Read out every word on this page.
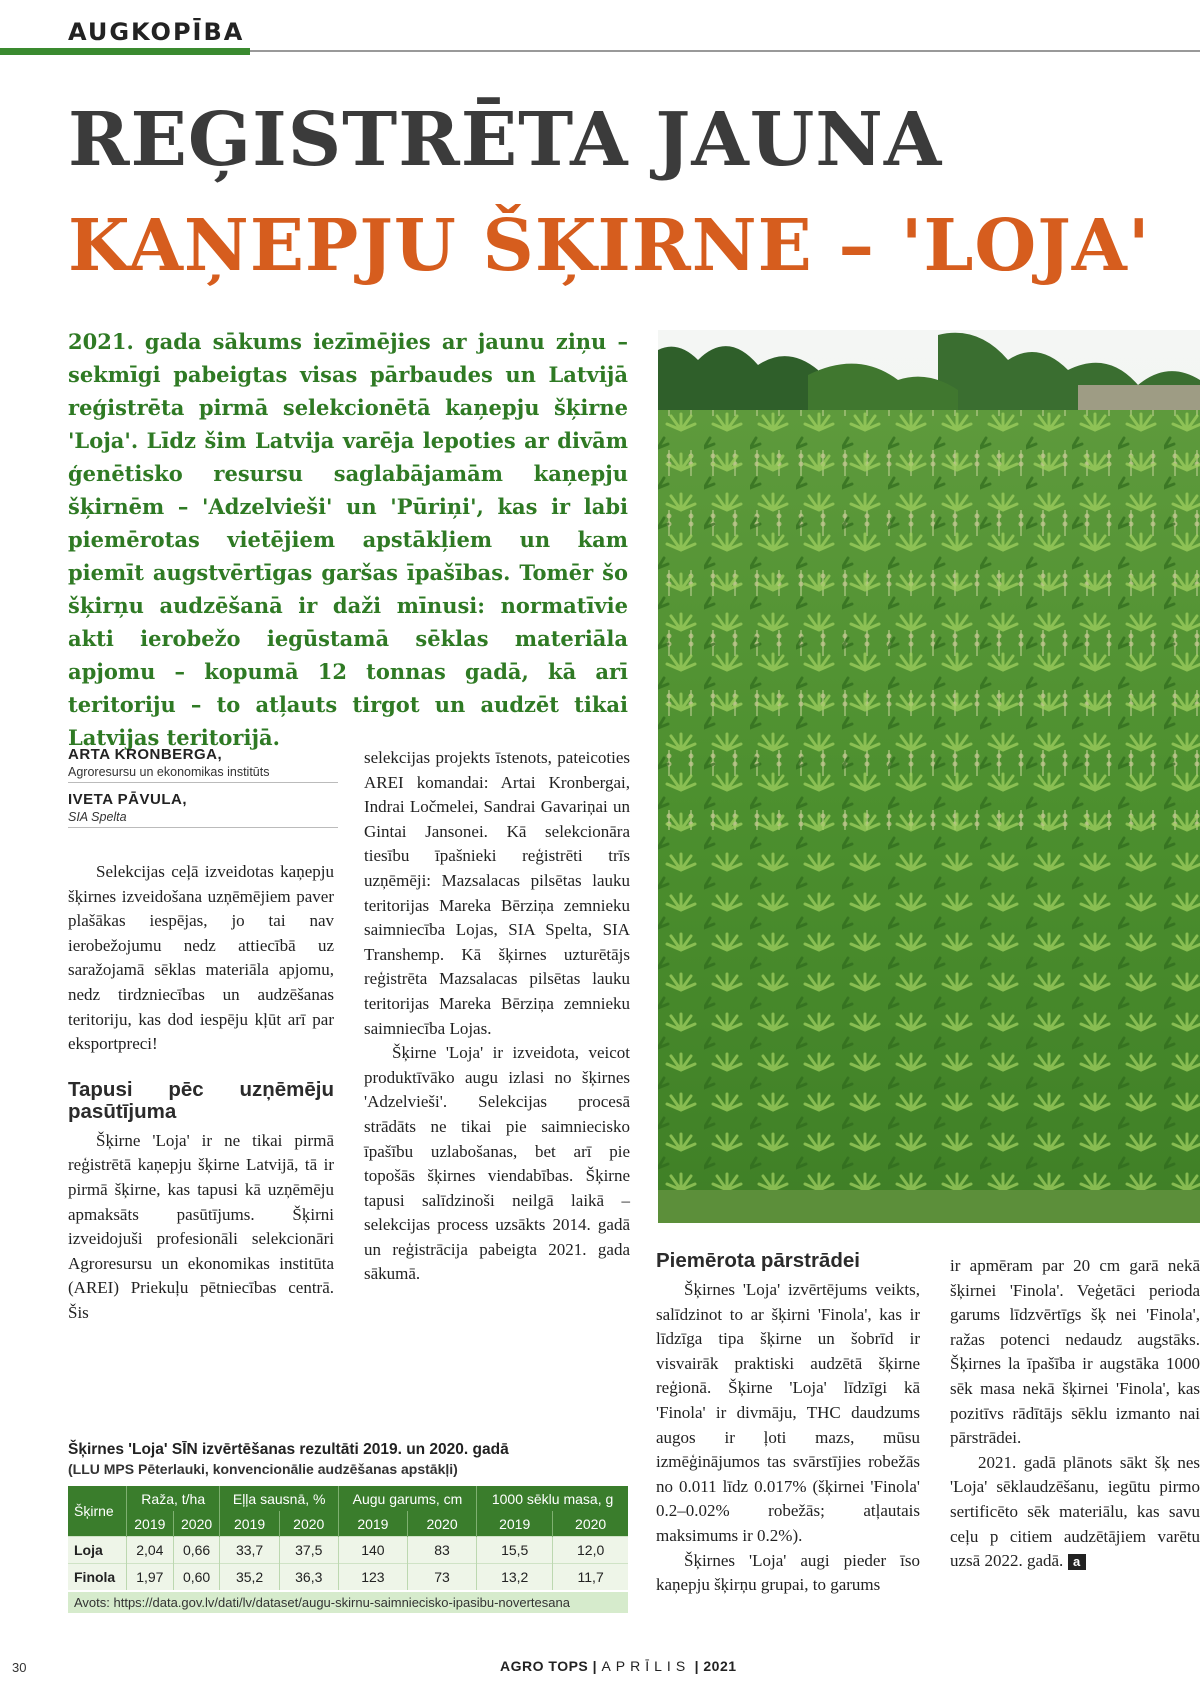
AUGKOPĪBA
REĢISTRĒTA JAUNA
KAŅEPJU ŠĶIRNE – 'LOJA'
2021. gada sākums iezīmējies ar jaunu ziņu – sekmīgi pabeigtas visas pārbaudes un Latvijā reģistrēta pirmā selekcionētā kaņepju šķirne 'Loja'. Līdz šim Latvija varēja lepoties ar divām ģenētisko resursu saglabājamām kaņepju šķirnēm – 'Adzelvieši' un 'Pūriņi', kas ir labi piemērotas vietējiem apstākļiem un kam piemīt augstvērtīgas garšas īpašības. Tomēr šo šķirņu audzēšanā ir daži mīnusi: normatīvie akti ierobežo iegūstamā sēklas materiāla apjomu – kopumā 12 tonnas gadā, kā arī teritoriju – to atļauts tirgot un audzēt tikai Latvijas teritorijā.
ARTA KRONBERGA,
Agroresursu un ekonomikas institūts
IVETA PĀVULA,
SIA Spelta

Selekcijas ceļā izveidotas kaņepju šķirnes izveidošana uzņēmējiem paver plašākas iespējas, jo tai nav ierobežojumu nedz attiecībā uz saražojamā sēklas materiāla apjomu, nedz tirdzniecības un audzēšanas teritoriju, kas dod iespēju kļūt arī par eksportpreci!

Tapusi pēc uzņēmēju pasūtījuma

Šķirne 'Loja' ir ne tikai pirmā reģistrētā kaņepju šķirne Latvijā, tā ir pirmā šķirne, kas tapusi kā uzņēmēju apmaksāts pasūtījums. Šķirni izveidojuši profesionāli selekcionāri Agroresursu un ekonomikas institūta (AREI) Priekuļu pētniecības centrā. Šis

selekcijas projekts īstenots, pateicoties AREI komandai: Artai Kronbergai, Indrai Ločmelei, Sandrai Gavariņai un Gintai Jansonei. Kā selekcionāra tiesību īpašnieki reģistrēti trīs uzņēmēji: Mazsalacas pilsētas lauku teritorijas Mareka Bērziņa zemnieku saimniecība Lojas, SIA Spelta, SIA Transhemp. Kā šķirnes uzturētājs reģistrēta Mazsalacas pilsētas lauku teritorijas Mareka Bērziņa zemnieku saimniecība Lojas.

Šķirne 'Loja' ir izveidota, veicot produktīvāko augu izlasi no šķirnes 'Adzelvieši'. Selekcijas procesā strādāts ne tikai pie saimniecisko īpašību uzlabošanas, bet arī pie topošās šķirnes viendabības. Šķirne tapusi salīdzinoši neilgā laikā – selekcijas process uzsākts 2014. gadā un reģistrācija pabeigta 2021. gada sākumā.

Piemērota pārstrādei

Šķirnes 'Loja' izvērtējums veikts, salīdzinot to ar šķirni 'Finola', kas ir līdzīga tipa šķirne un šobrīd ir visvairāk praktiski audzētā šķirne reģionā. Šķirne 'Loja' līdzīgi kā 'Finola' ir divmāju, THC daudzums augos ir ļoti mazs, mūsu izmēģinājumos tas svārstījies robežās no 0.011 līdz 0.017% (šķirnei 'Finola' 0.2–0.02% robežās; atļautais maksimums ir 0.2%).

Šķirnes 'Loja' augi pieder īso kaņepju šķirņu grupai, to garums

ir apmēram par 20 cm garā nekā šķirnei 'Finola'. Veģetāci perioda garums līdzvērtīgs šķ nei 'Finola', ražas potenci nedaudz augstāks. Šķirnes la īpašība ir augstāka 1000 sēk masa nekā šķirnei 'Finola', kas pozitīvs rādītājs sēklu izmanto nai pārstrādei.

2021. gadā plānots sākt šķ nes 'Loja' sēklaudzēšanu, iegūtu pirmo sertificēto sēk materiālu, kas savu ceļu p citiem audzētājiem varētu uzsā 2022. gadā. a

Šķirnes 'Loja' SĪN izvērtēšanas rezultāti 2019. un 2020. gadā
(LLU MPS Pēterlauki, konvencionālie audzēšanas apstākļi)
Šķirne	Raža, t/ha		Eļļa sausnā, %		Augu garums, cm		1000 sēklu masa, g	
	2019	2020	2019	2020	2019	2020	2019	2020
Loja	2,04	0,66	33,7	37,5	140	83	15,5	12,0
Finola	1,97	0,60	35,2	36,3	123	73	13,2	11,7
Avots: https://data.gov.lv/dati/lv/dataset/augu-skirnu-saimniecisko-ipasibu-novertesana
30	AGRO TOPS | APRĪLIS | 2021
